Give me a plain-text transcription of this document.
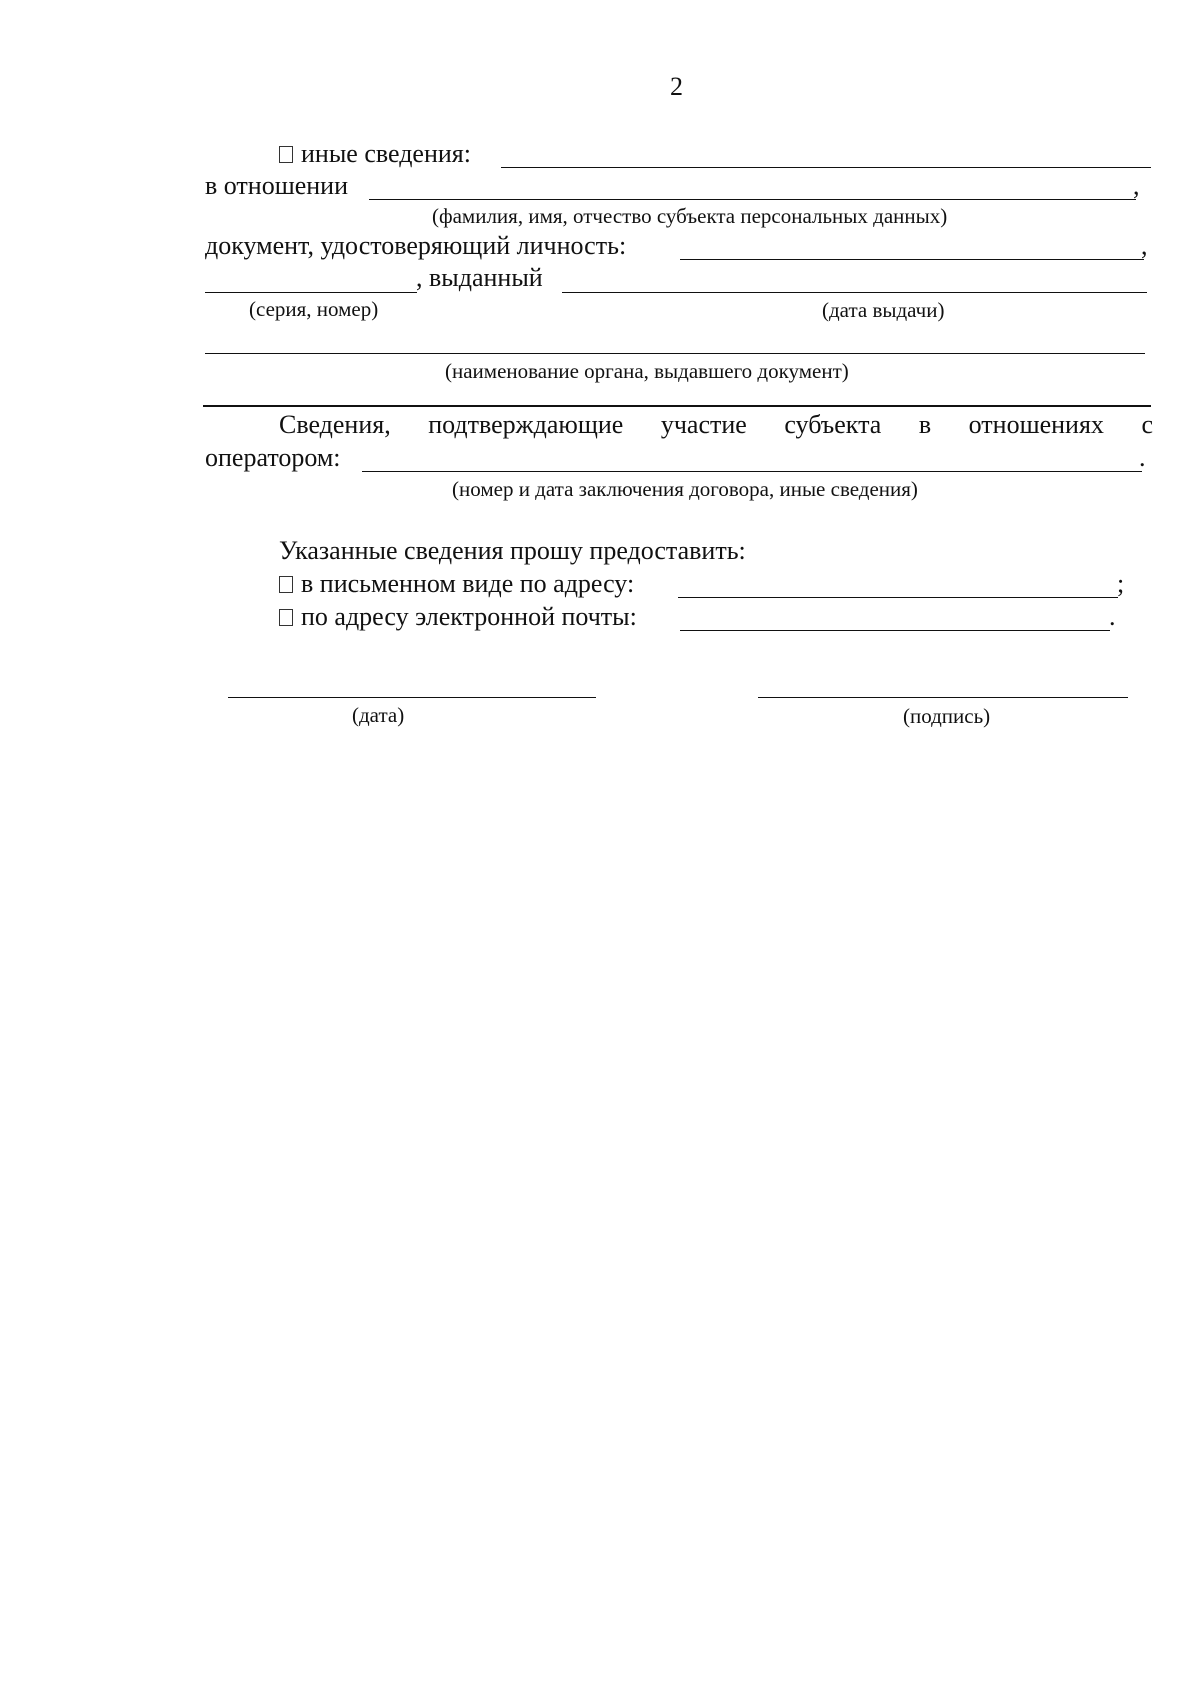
2
иные сведения:
в отношении	,
(фамилия, имя, отчество субъекта персональных данных)
документ, удостоверяющий личность:	,
, выданный
(серия, номер)	(дата выдачи)
(наименование органа, выдавшего документ)
Сведения, подтверждающие участие субъекта в отношениях с
оператором:	.
(номер и дата заключения договора, иные сведения)
Указанные сведения прошу предоставить:
в письменном виде по адресу:	;
по адресу электронной почты:	.
(дата)	(подпись)
